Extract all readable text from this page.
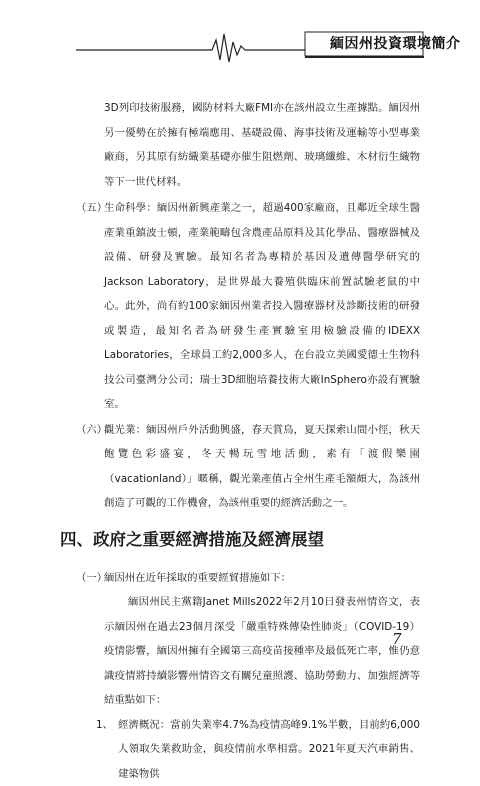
緬因州投資環境簡介

3D列印技術服務，國防材料大廠FMI亦在該州設立生產據點。緬因州另一優勢在於擁有極端應用、基礎設備、海事技術及運輸等小型專業廠商，另其原有紡織業基礎亦催生阻燃劑、玻璃纖維、木材衍生織物等下一世代材料。

（五）
生命科學：緬因州新興產業之一，超過400家廠商，且鄰近全球生醫產業重鎮波士頓，產業範疇包含農產品原料及其化學品、醫療器械及設備、研發及實驗。最知名者為專精於基因及遺傳醫學研究的Jackson Laboratory，是世界最大養殖供臨床前置試驗老鼠的中心。此外，尚有約100家緬因州業者投入醫療器材及診斷技術的研發或製造，最知名者為研發生產實驗室用檢驗設備的IDEXX Laboratories，全球員工約2,000多人，在台設立美國愛德士生物科技公司臺灣分公司；瑞士3D細胞培養技術大廠InSphero亦設有實驗室。
（六）
觀光業：緬因州戶外活動興盛，春天賞鳥，夏天探索山間小徑，秋天飽覽色彩盛宴，冬天暢玩雪地活動，素有「渡假樂園（vacationland）」暱稱，觀光業產值占全州生產毛額頗大，為該州創造了可觀的工作機會，為該州重要的經濟活動之一。
四、政府之重要經濟措施及經濟展望
（一）
緬因州在近年採取的重要經貿措施如下：

緬因州民主黨籍Janet Mills2022年2月10日發表州情咨文，表示緬因州在過去23個月深受「嚴重特殊傳染性肺炎」（COVID-19）疫情影響，緬因州擁有全國第三高疫苗接種率及最低死亡率，惟仍意識疫情將持續影響州情咨文有關兒童照護、協助勞動力、加強經濟等結重點如下：

1、 經濟概況：當前失業率4.7%為疫情高峰9.1%半數，目前約6,000人領取失業救助金，與疫情前水準相當。2021年夏天汽車銷售、建築物供
7
